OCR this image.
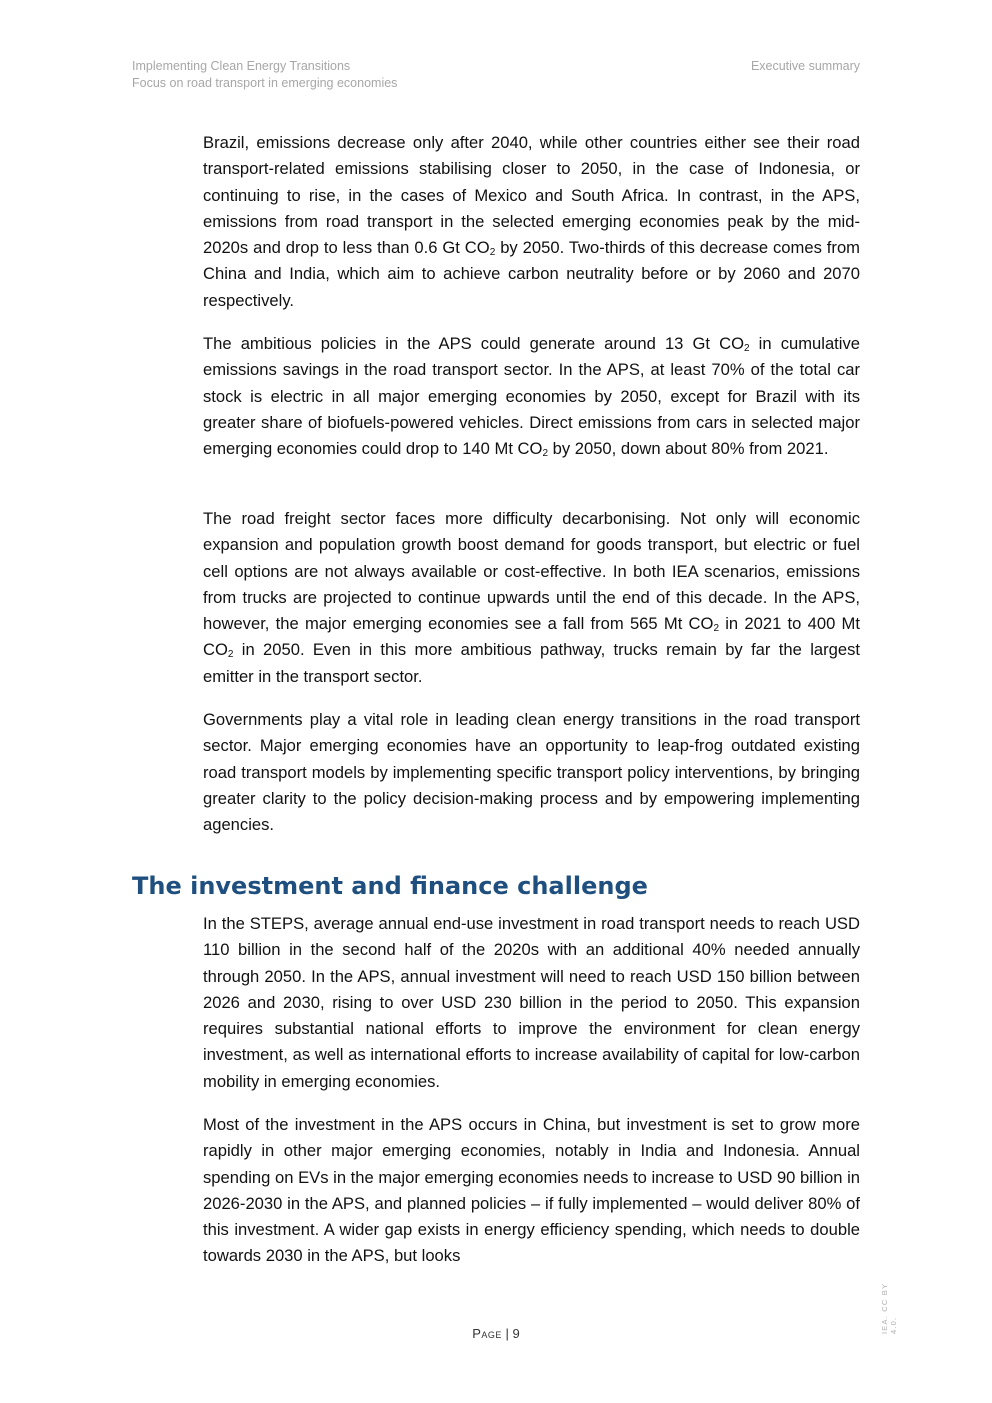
Implementing Clean Energy Transitions
Focus on road transport in emerging economies
Executive summary

Brazil, emissions decrease only after 2040, while other countries either see their road transport-related emissions stabilising closer to 2050, in the case of Indonesia, or continuing to rise, in the cases of Mexico and South Africa. In contrast, in the APS, emissions from road transport in the selected emerging economies peak by the mid-2020s and drop to less than 0.6 Gt $CO_2$ by 2050. Two-thirds of this decrease comes from China and India, which aim to achieve carbon neutrality before or by 2060 and 2070 respectively.

The ambitious policies in the APS could generate around 13 Gt $CO_2$ in cumulative emissions savings in the road transport sector. In the APS, at least 70% of the total car stock is electric in all major emerging economies by 2050, except for Brazil with its greater share of biofuels-powered vehicles. Direct emissions from cars in selected major emerging economies could drop to 140 Mt $CO_2$ by 2050, down about 80% from 2021.

The road freight sector faces more difficulty decarbonising. Not only will economic expansion and population growth boost demand for goods transport, but electric or fuel cell options are not always available or cost-effective. In both IEA scenarios, emissions from trucks are projected to continue upwards until the end of this decade. In the APS, however, the major emerging economies see a fall from 565 Mt $CO_2$ in 2021 to 400 Mt $CO_2$ in 2050. Even in this more ambitious pathway, trucks remain by far the largest emitter in the transport sector.

Governments play a vital role in leading clean energy transitions in the road transport sector. Major emerging economies have an opportunity to leap-frog outdated existing road transport models by implementing specific transport policy interventions, by bringing greater clarity to the policy decision-making process and by empowering implementing agencies.

The investment and finance challenge

In the STEPS, average annual end-use investment in road transport needs to reach USD 110 billion in the second half of the 2020s with an additional 40% needed annually through 2050. In the APS, annual investment will need to reach USD 150 billion between 2026 and 2030, rising to over USD 230 billion in the period to 2050. This expansion requires substantial national efforts to improve the environment for clean energy investment, as well as international efforts to increase availability of capital for low-carbon mobility in emerging economies.

Most of the investment in the APS occurs in China, but investment is set to grow more rapidly in other major emerging economies, notably in India and Indonesia. Annual spending on EVs in the major emerging economies needs to increase to USD 90 billion in 2026-2030 in the APS, and planned policies – if fully implemented – would deliver 80% of this investment. A wider gap exists in energy efficiency spending, which needs to double towards 2030 in the APS, but looks

Page | 9	IEA. CC BY 4.0.
